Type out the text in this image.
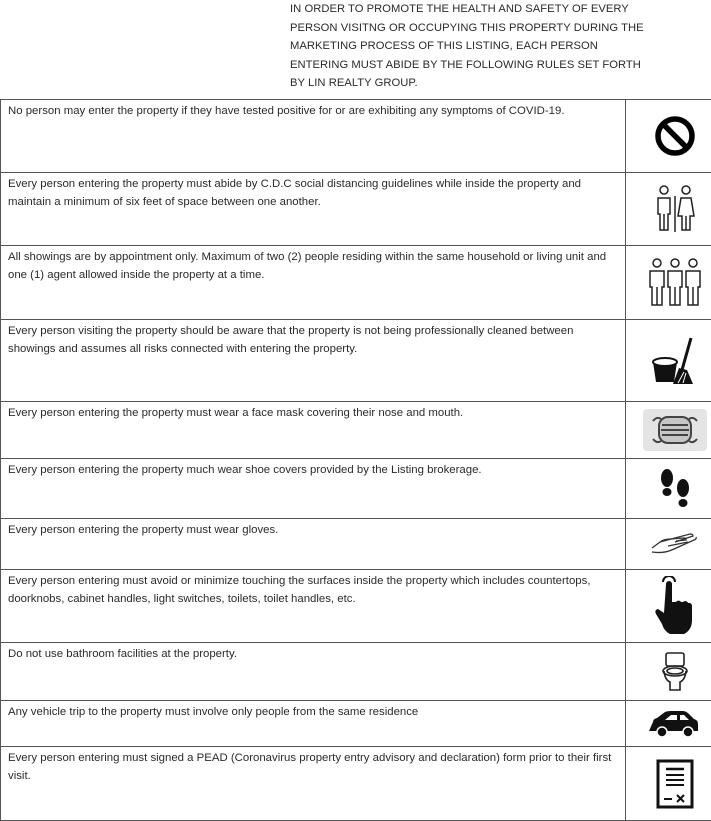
IN ORDER TO PROMOTE THE HEALTH AND SAFETY OF EVERY
PERSON VISITNG OR OCCUPYING THIS PROPERTY DURING THE
MARKETING PROCESS OF THIS LISTING, EACH PERSON
ENTERING MUST ABIDE BY THE FOLLOWING RULES SET FORTH
BY LIN REALTY GROUP.
No person may enter the property if they have tested positive for or are exhibiting any symptoms of COVID-19.	

Every person entering the property must abide by C.D.C social distancing guidelines while inside the property and maintain a minimum of six feet of space between one another.	

All showings are by appointment only. Maximum of two (2) people residing within the same household or living unit and one (1) agent allowed inside the property at a time.	

Every person visiting the property should be aware that the property is not being professionally cleaned between showings and assumes all risks connected with entering the property.	

Every person entering the property must wear a face mask covering their nose and mouth.	

Every person entering the property much wear shoe covers provided by the Listing brokerage.	

Every person entering the property must wear gloves.	

Every person entering must avoid or minimize touching the surfaces inside the property which includes countertops, doorknobs, cabinet handles, light switches, toilets, toilet handles, etc.	

Do not use bathroom facilities at the property.	

Any vehicle trip to the property must involve only people from the same residence	

Every person entering must signed a PEAD (Coronavirus property entry advisory and declaration) form prior to their first visit.	
